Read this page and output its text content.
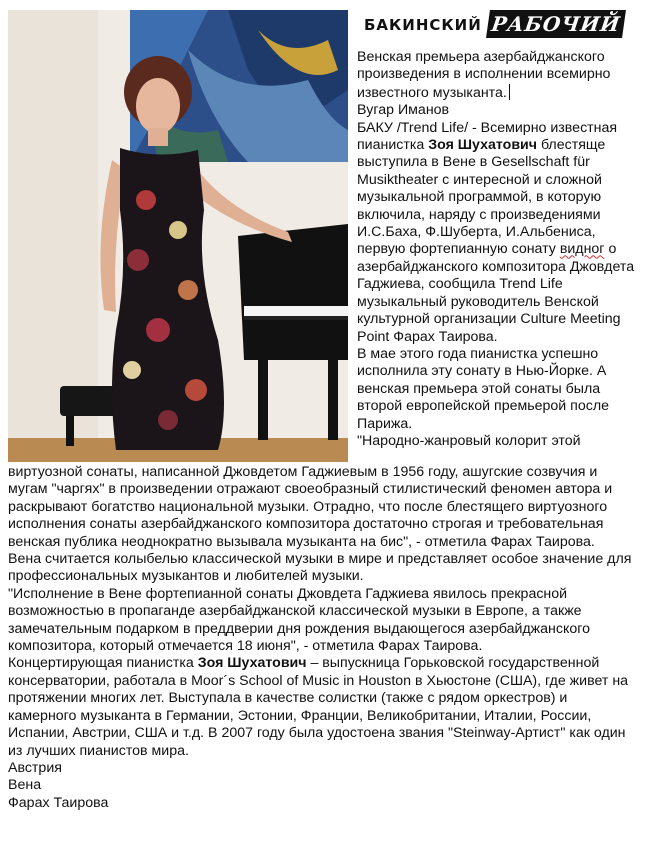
БАКИНСКИЙ РАБОЧИЙ

Венская премьера азербайджанского произведения в исполнении всемирно известного музыканта.

Вугар Иманов

БАКУ /Trend Life/ - Всемирно известная пианистка Зоя Шухатович блестяще выступила в Вене в Gesellschaft für Musiktheater с интересной и сложной музыкальной программой, в которую включила, наряду с произведениями И.С.Баха, Ф.Шуберта, И.Альбениса, первую фортепианную сонату видног о азербайджанского композитора Джовдета Гаджиева, сообщила Trend Life музыкальный руководитель Венской культурной организации Culture Meeting Point Фарах Таирова.

В мае этого года пианистка успешно исполнила эту сонату в Нью-Йорке. А венская премьера этой сонаты была второй европейской премьерой после Парижа.

"Народно-жанровый колорит этой

виртуозной сонаты, написанной Джовдетом Гаджиевым в 1956 году, ашугские созвучия и мугам "чаргях" в произведении отражают своеобразный стилистический феномен автора и раскрывают богатство национальной музыки. Отрадно, что после блестящего виртуозного исполнения сонаты азербайджанского композитора достаточно строгая и требовательная венская публика неоднократно вызывала музыканта на бис", - отметила Фарах Таирова.

Вена считается колыбелью классической музыки в мире и представляет особое значение для профессиональных музыкантов и любителей музыки.

"Исполнение в Вене фортепианной сонаты Джовдета Гаджиева явилось прекрасной возможностью в пропаганде азербайджанской классической музыки в Европе, а также замечательным подарком в преддверии дня рождения выдающегося азербайджанского композитора, который отмечается 18 июня", - отметила Фарах Таирова.

Концертирующая пианистка Зоя Шухатович – выпускница Горьковской государственной консерватории, работала в Moor´s School of Music in Houston в Хьюстоне (США), где живет на протяжении многих лет. Выступала в качестве солистки (также с рядом оркестров) и камерного музыканта в Германии, Эстонии, Франции, Великобритании, Италии, России, Испании, Австрии, США и т.д. В 2007 году была удостоена звания "Steinway-Артист" как один из лучших пианистов мира.

Австрия

Вена

Фарах Таирова
